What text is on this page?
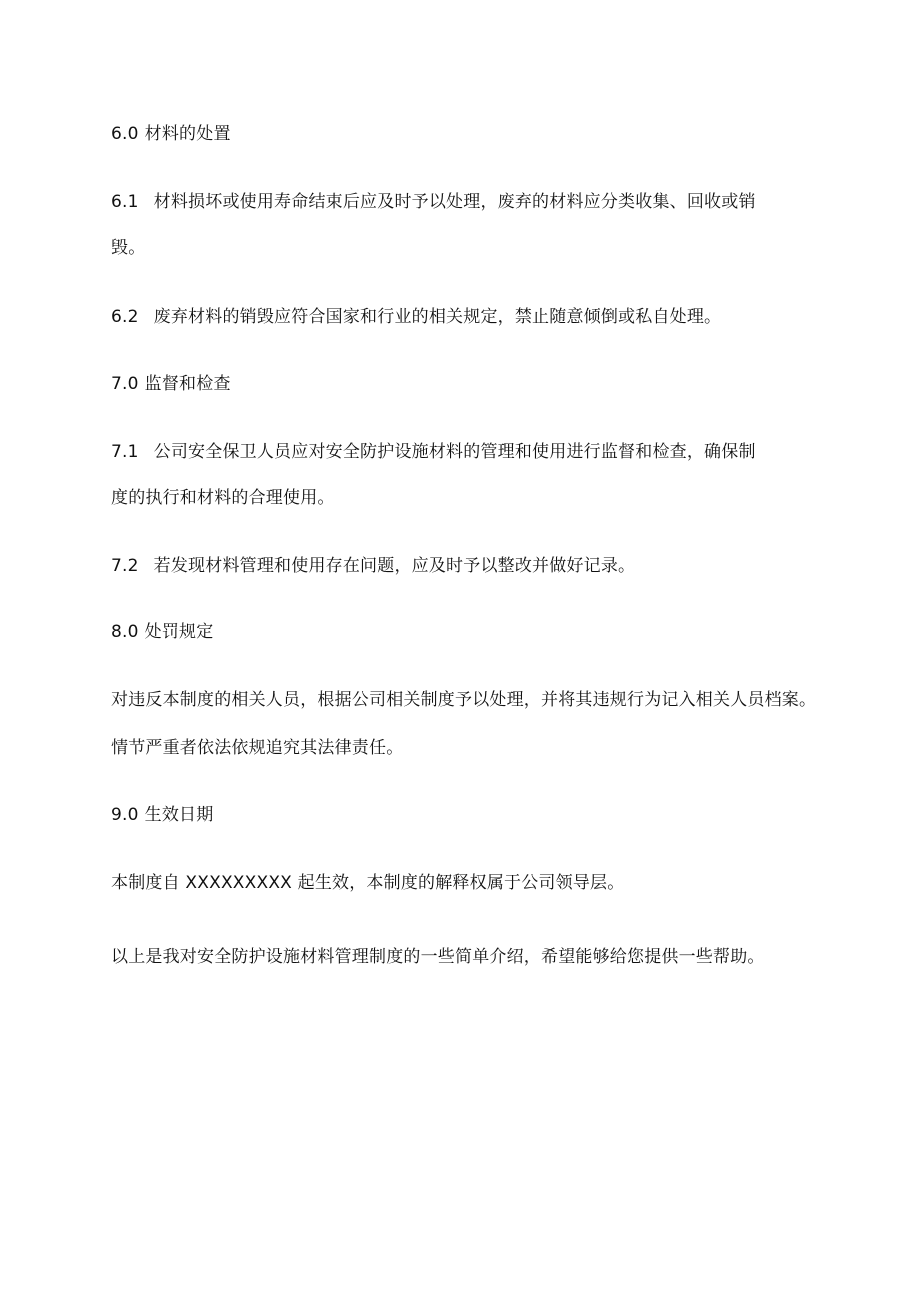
6.0 材料的处置
6.1 材料损坏或使用寿命结束后应及时予以处理，废弃的材料应分类收集、回收或销
毁。
6.2 废弃材料的销毁应符合国家和行业的相关规定，禁止随意倾倒或私自处理。
7.0 监督和检查
7.1 公司安全保卫人员应对安全防护设施材料的管理和使用进行监督和检查，确保制
度的执行和材料的合理使用。
7.2 若发现材料管理和使用存在问题，应及时予以整改并做好记录。
8.0 处罚规定
对违反本制度的相关人员，根据公司相关制度予以处理，并将其违规行为记入相关人员档案。
情节严重者依法依规追究其法律责任。
9.0 生效日期
本制度自 XXXXXXXXX 起生效，本制度的解释权属于公司领导层。
以上是我对安全防护设施材料管理制度的一些简单介绍，希望能够给您提供一些帮助。
